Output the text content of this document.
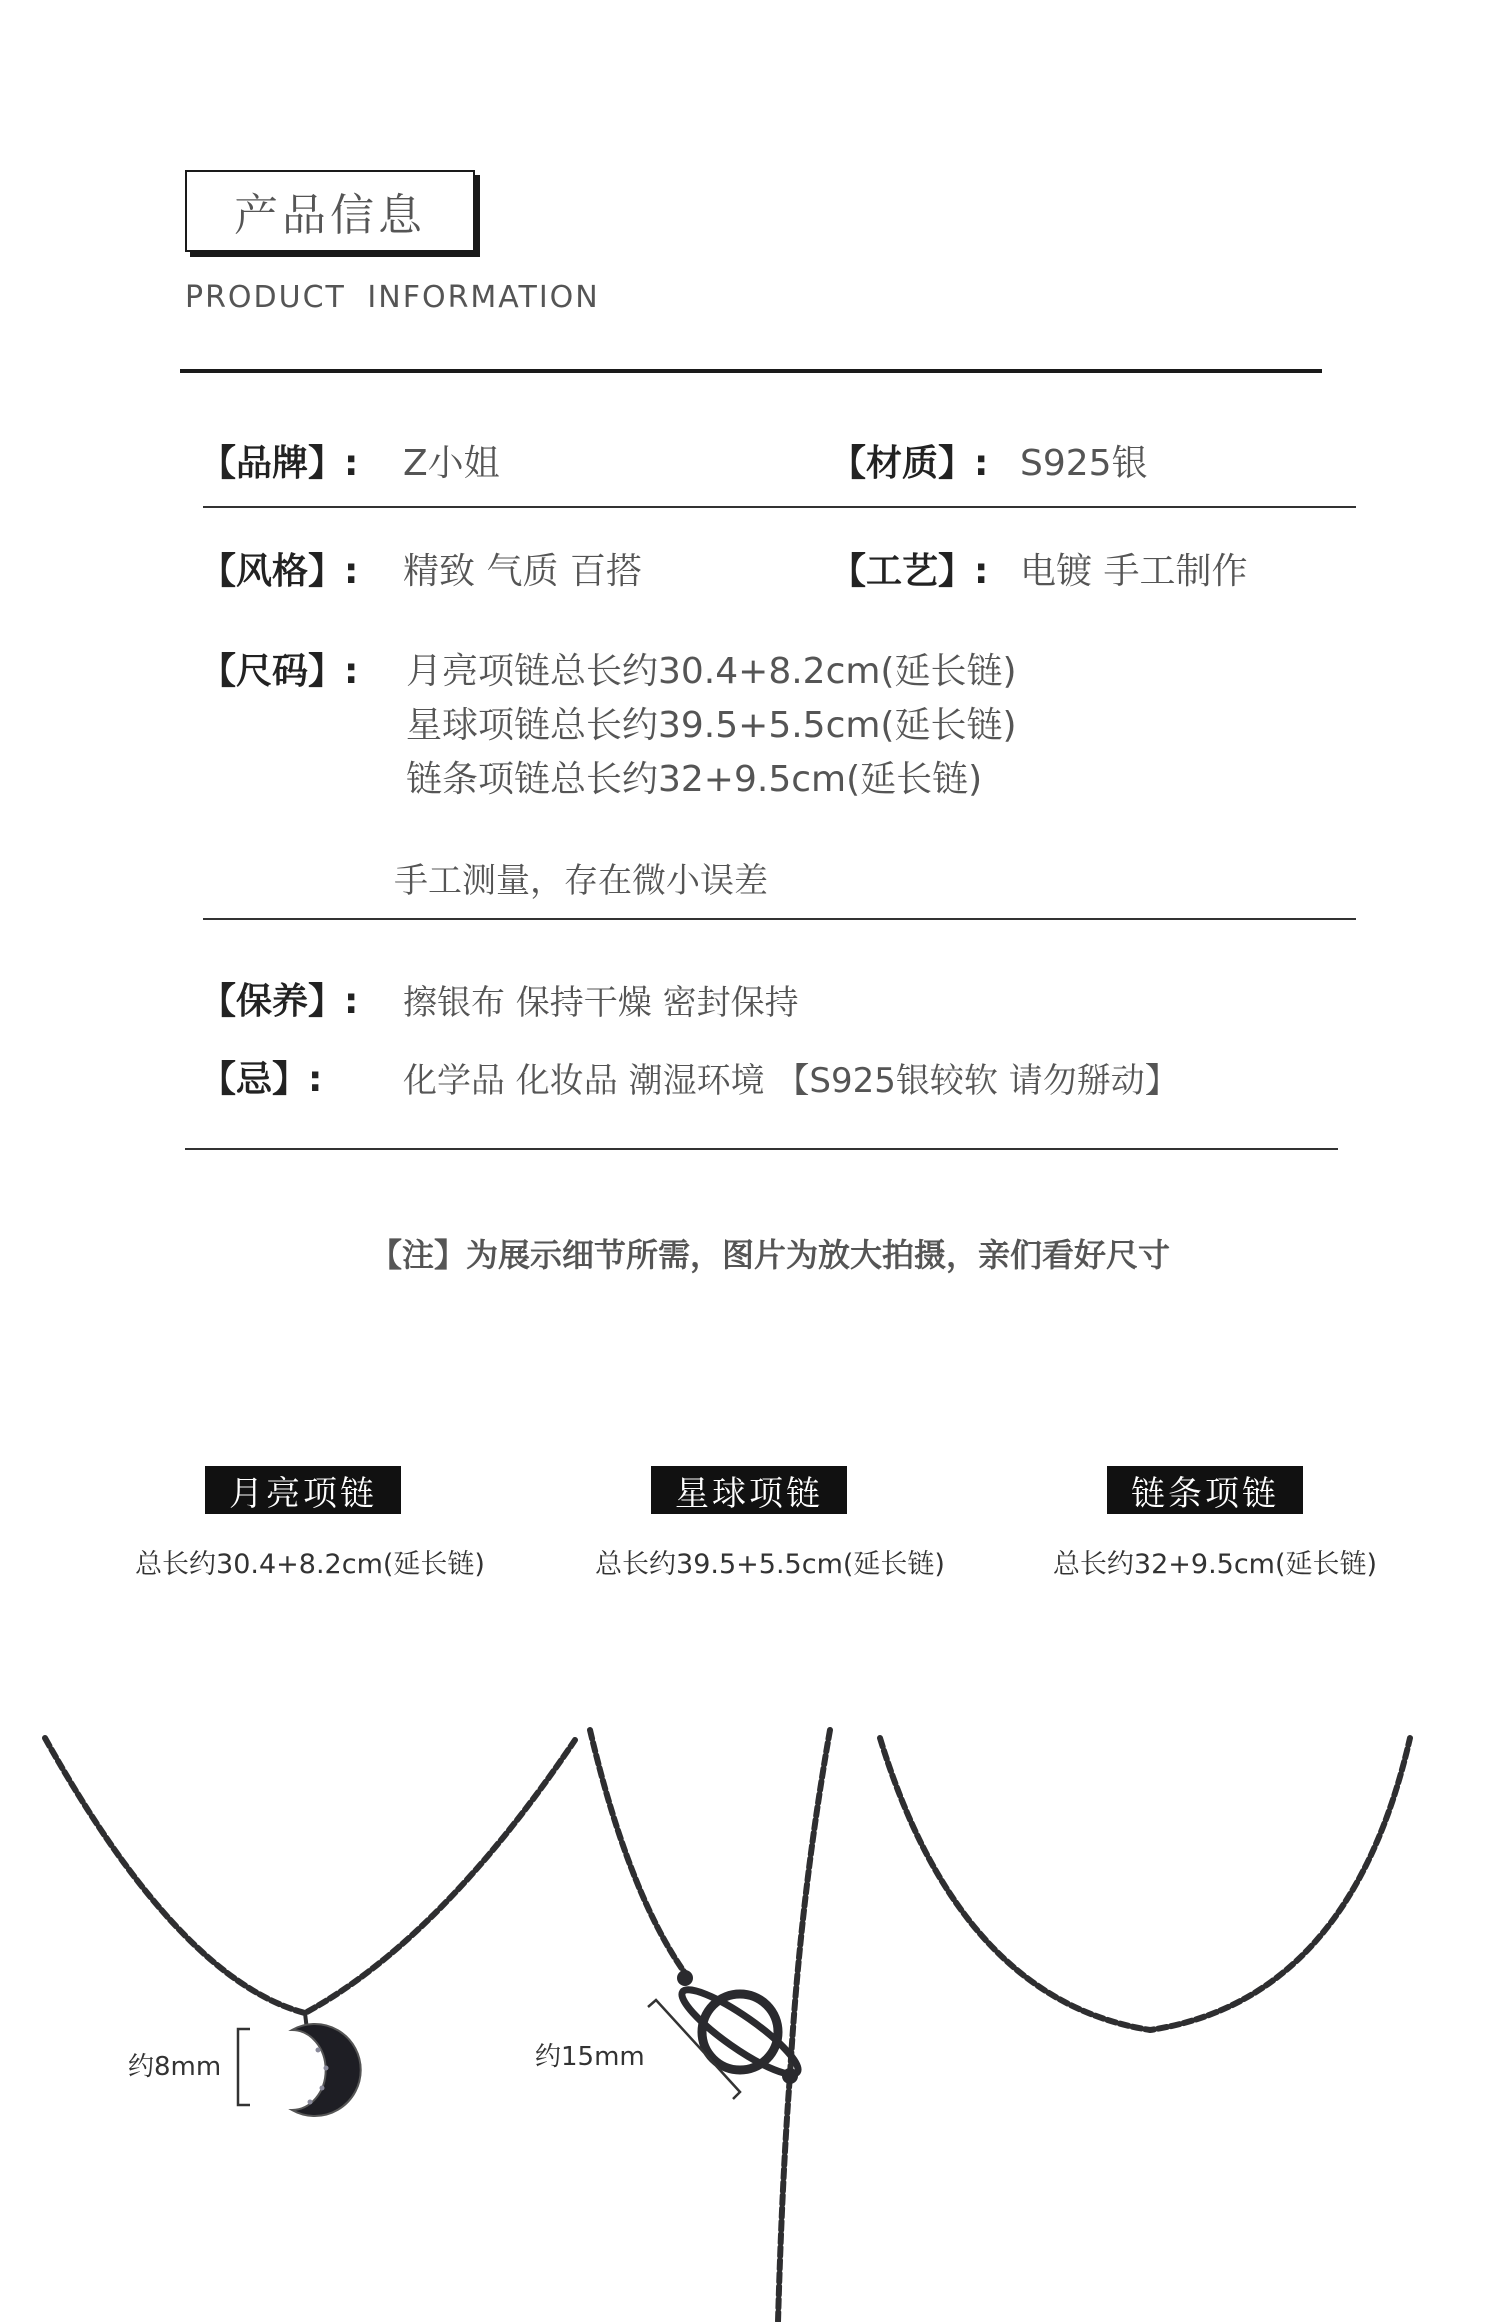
产品信息
PRODUCT INFORMATION
【品牌】: Z小姐	【材质】: S925银
【风格】: 精致 气质 百搭	【工艺】: 电镀 手工制作
【尺码】: 月亮项链总长约30.4+8.2cm(延长链)
星球项链总长约39.5+5.5cm(延长链)
链条项链总长约32+9.5cm(延长链)
手工测量，存在微小误差
【保养】: 擦银布 保持干燥 密封保持
【忌】: 化学品 化妆品 潮湿环境 【S925银较软 请勿掰动】
【注】为展示细节所需，图片为放大拍摄，亲们看好尺寸
月亮项链
总长约30.4+8.2cm(延长链)
星球项链
总长约39.5+5.5cm(延长链)
链条项链
总长约32+9.5cm(延长链)
约8mm	约15mm
